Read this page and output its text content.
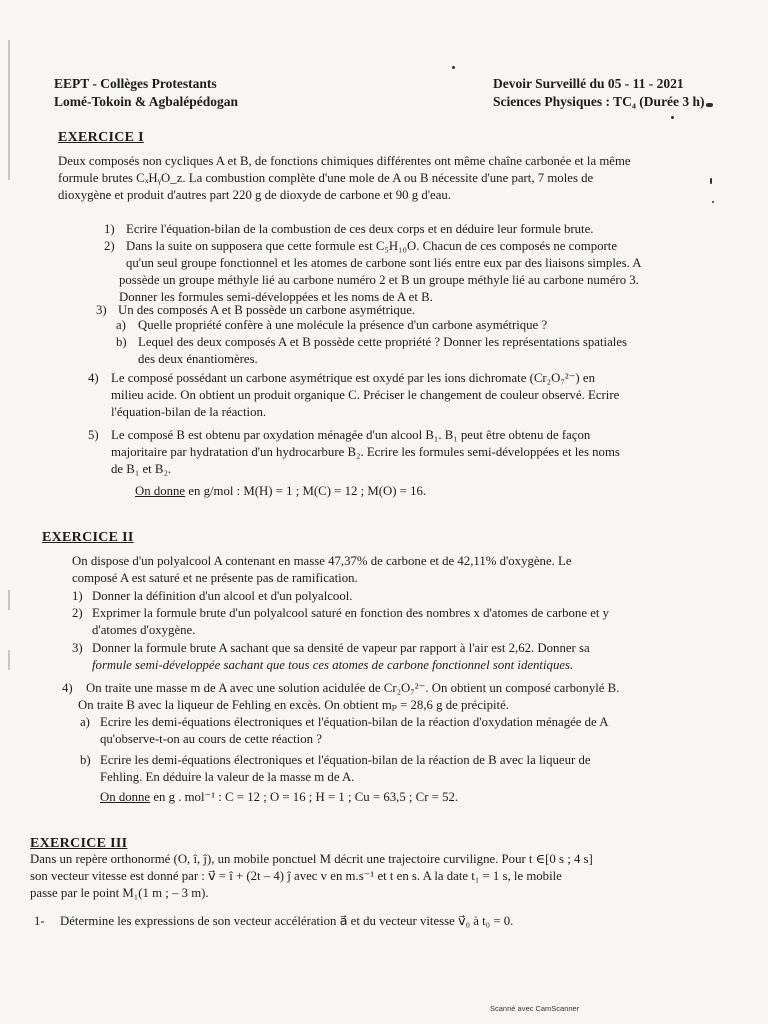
EEPT - Collèges Protestants
Lomé-Tokoin & Agbalépédogan
Devoir Surveillé du 05 - 11 - 2021
Sciences Physiques : TC₄ (Durée 3 h)
EXERCICE I
Deux composés non cycliques A et B, de fonctions chimiques différentes ont même chaîne carbonée et la même
formule brutes CₓHᵧO_z. La combustion complète d'une mole de A ou B nécessite d'une part, 7 moles de
dioxygène et produit d'autres part 220 g de dioxyde de carbone et 90 g d'eau.
1) Ecrire l'équation-bilan de la combustion de ces deux corps et en déduire leur formule brute.
2) Dans la suite on supposera que cette formule est C₅H₁₀O. Chacun de ces composés ne comporte
qu'un seul groupe fonctionnel et les atomes de carbone sont liés entre eux par des liaisons simples. A
possède un groupe méthyle lié au carbone numéro 2 et B un groupe méthyle lié au carbone numéro 3.
Donner les formules semi-développées et les noms de A et B.
3) Un des composés A et B possède un carbone asymétrique.
a) Quelle propriété confère à une molécule la présence d'un carbone asymétrique ?
b) Lequel des deux composés A et B possède cette propriété ? Donner les représentations spatiales
des deux énantiomères.
4) Le composé possédant un carbone asymétrique est oxydé par les ions dichromate (Cr₂O₇²⁻) en
milieu acide. On obtient un produit organique C. Préciser le changement de couleur observé. Ecrire
l'équation-bilan de la réaction.
5) Le composé B est obtenu par oxydation ménagée d'un alcool B₁. B₁ peut être obtenu de façon
majoritaire par hydratation d'un hydrocarbure B₂. Ecrire les formules semi-développées et les noms
de B₁ et B₂.
On donne en g/mol : M(H) = 1 ; M(C) = 12 ; M(O) = 16.
EXERCICE II
On dispose d'un polyalcool A contenant en masse 47,37% de carbone et de 42,11% d'oxygène. Le
composé A est saturé et ne présente pas de ramification.
1) Donner la définition d'un alcool et d'un polyalcool.
2) Exprimer la formule brute d'un polyalcool saturé en fonction des nombres x d'atomes de carbone et y
d'atomes d'oxygène.
3) Donner la formule brute A sachant que sa densité de vapeur par rapport à l'air est 2,62. Donner sa
formule semi-développée sachant que tous ces atomes de carbone fonctionnel sont identiques.
4)	On traite une masse m de A avec une solution acidulée de Cr₂O₇²⁻. On obtient un composé carbonylé B.
On traite B avec la liqueur de Fehling en excès. On obtient mₚ = 28,6 g de précipité.
a) Ecrire les demi-équations électroniques et l'équation-bilan de la réaction d'oxydation ménagée de A
qu'observe-t-on au cours de cette réaction ?
b) Ecrire les demi-équations électroniques et l'équation-bilan de la réaction de B avec la liqueur de
Fehling. En déduire la valeur de la masse m de A.
On donne en g . mol⁻¹ : C = 12 ; O = 16 ; H = 1 ; Cu = 63,5 ; Cr = 52.
EXERCICE III
Dans un repère orthonormé (O, î, ĵ), un mobile ponctuel M décrit une trajectoire curviligne. Pour t ∈[0 s ; 4 s]
son vecteur vitesse est donné par : v⃗ = î + (2t – 4) ĵ avec v en m.s⁻¹ et t en s. A la date t₁ = 1 s, le mobile
passe par le point M₁(1 m ; – 3 m).
1-	Détermine les expressions de son vecteur accélération a⃗ et du vecteur vitesse v⃗₀ à t₀ = 0.
Scanné avec CamScanner
